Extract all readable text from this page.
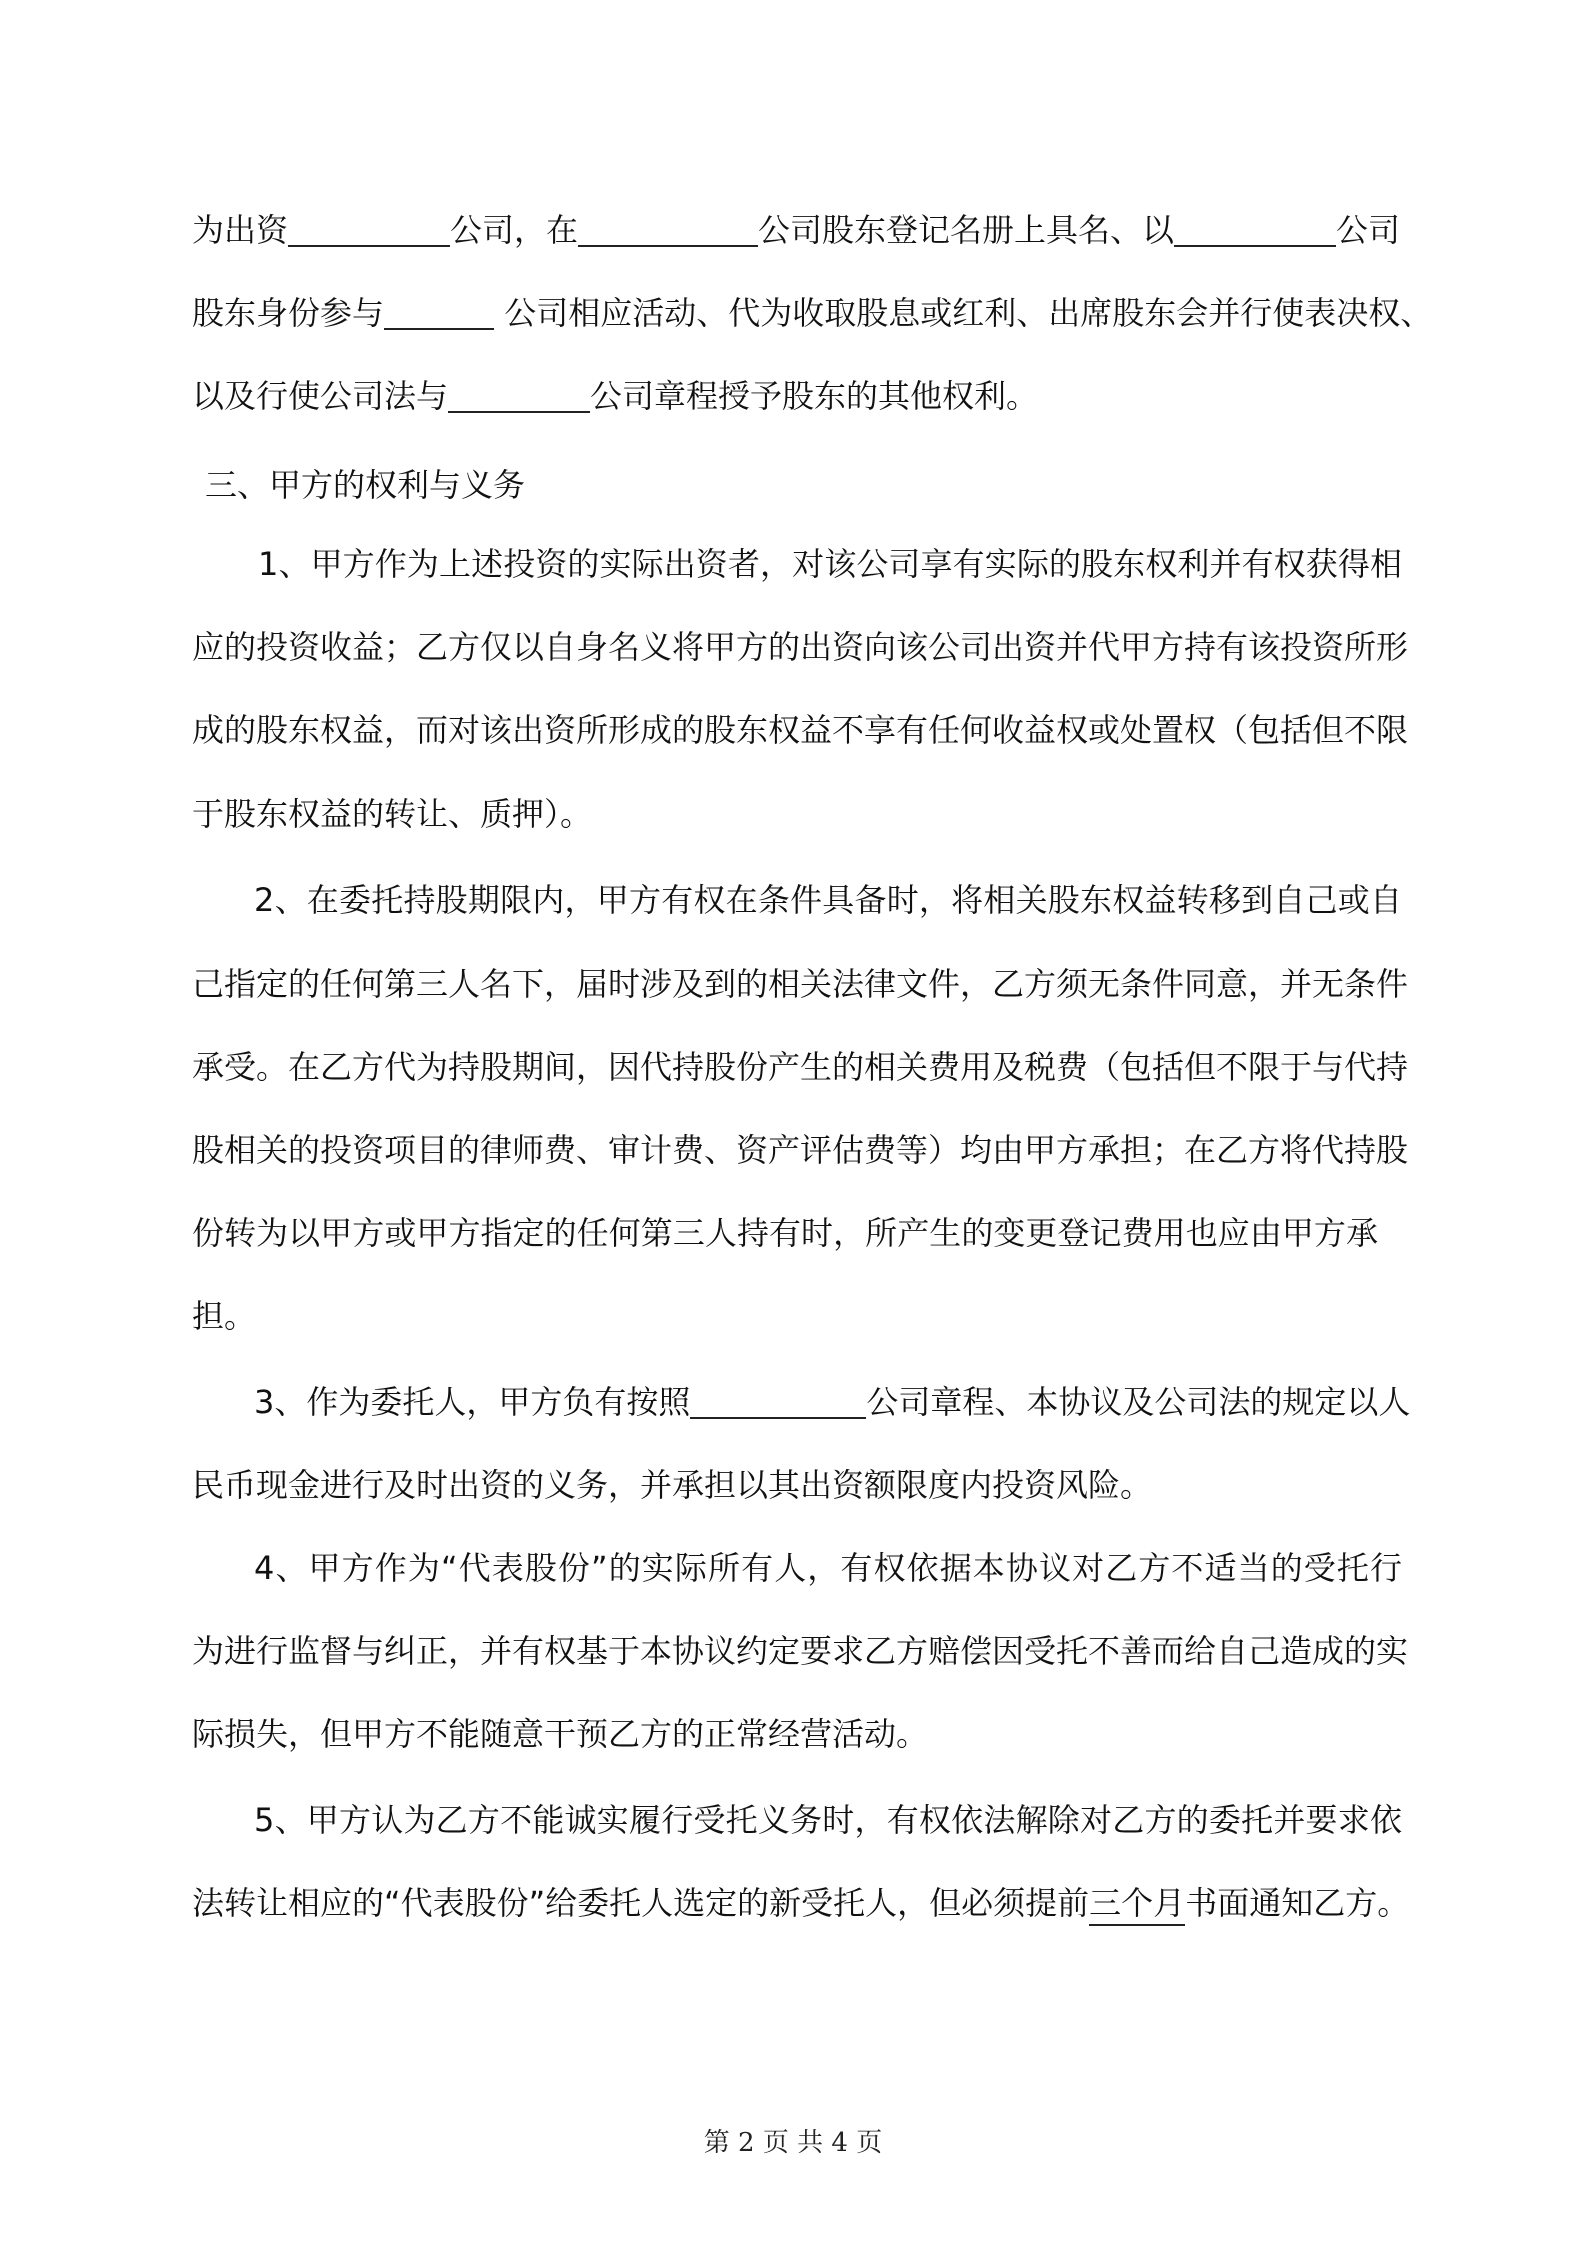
为出资	公司，在	公司股东登记名册上具名、以	公司
股东身份参与	公司相应活动、代为收取股息或红利、出席股东会并行使表决权、
以及行使公司法与	公司章程授予股东的其他权利。
三、甲方的权利与义务
1、甲方作为上述投资的实际出资者，对该公司享有实际的股东权利并有权获得相
应的投资收益；乙方仅以自身名义将甲方的出资向该公司出资并代甲方持有该投资所形
成的股东权益，而对该出资所形成的股东权益不享有任何收益权或处置权（包括但不限
于股东权益的转让、质押）。
2、在委托持股期限内，甲方有权在条件具备时，将相关股东权益转移到自己或自
己指定的任何第三人名下，届时涉及到的相关法律文件，乙方须无条件同意，并无条件
承受。在乙方代为持股期间，因代持股份产生的相关费用及税费（包括但不限于与代持
股相关的投资项目的律师费、审计费、资产评估费等）均由甲方承担；在乙方将代持股
份转为以甲方或甲方指定的任何第三人持有时，所产生的变更登记费用也应由甲方承
担。
3、作为委托人，甲方负有按照	公司章程、本协议及公司法的规定以人
民币现金进行及时出资的义务，并承担以其出资额限度内投资风险。
4、甲方作为“代表股份”的实际所有人，有权依据本协议对乙方不适当的受托行
为进行监督与纠正，并有权基于本协议约定要求乙方赔偿因受托不善而给自己造成的实
际损失，但甲方不能随意干预乙方的正常经营活动。
5、甲方认为乙方不能诚实履行受托义务时，有权依法解除对乙方的委托并要求依
法转让相应的“代表股份”给委托人选定的新受托人，但必须提前三个月书面通知乙方。
第 2 页 共 4 页
